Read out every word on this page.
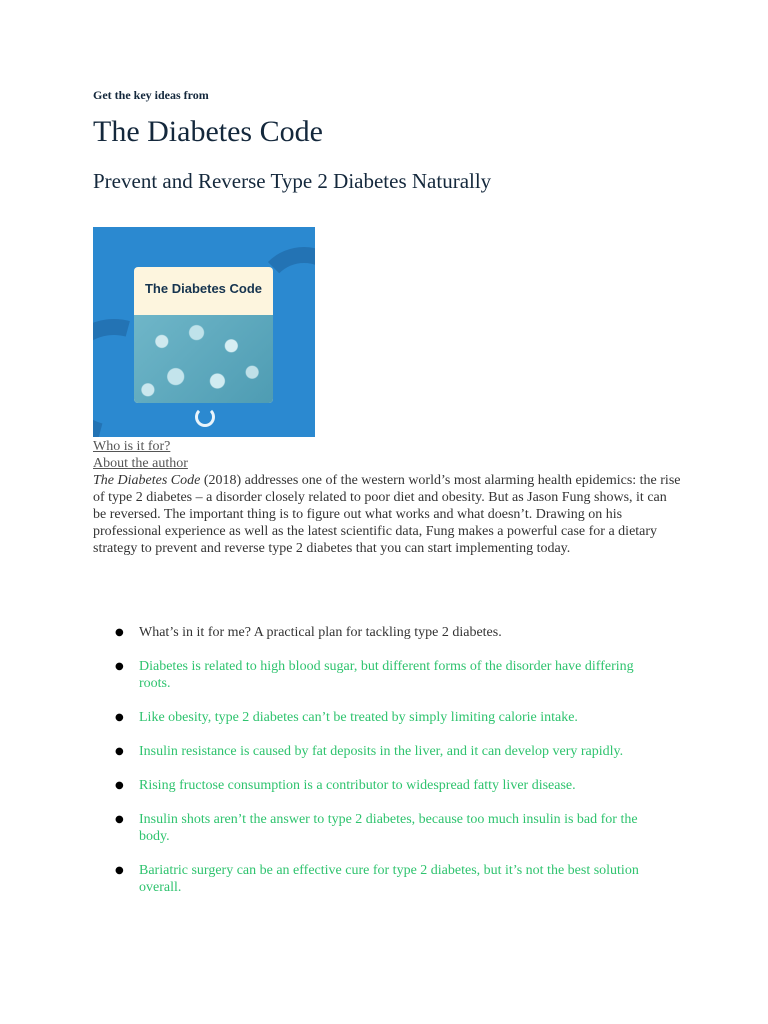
Get the key ideas from
The Diabetes Code
Prevent and Reverse Type 2 Diabetes Naturally
The Diabetes Code
Who is it for?
About the author

The Diabetes Code (2018) addresses one of the western world’s most alarming health epidemics: the rise of type 2 diabetes – a disorder closely related to poor diet and obesity. But as Jason Fung shows, it can be reversed. The important thing is to figure out what works and what doesn’t. Drawing on his professional experience as well as the latest scientific data, Fung makes a powerful case for a dietary strategy to prevent and reverse type 2 diabetes that you can start implementing today.

● What’s in it for me? A practical plan for tackling type 2 diabetes.
● Diabetes is related to high blood sugar, but different forms of the disorder have differing roots.
● Like obesity, type 2 diabetes can’t be treated by simply limiting calorie intake.
● Insulin resistance is caused by fat deposits in the liver, and it can develop very rapidly.
● Rising fructose consumption is a contributor to widespread fatty liver disease.
● Insulin shots aren’t the answer to type 2 diabetes, because too much insulin is bad for the body.
● Bariatric surgery can be an effective cure for type 2 diabetes, but it’s not the best solution overall.
